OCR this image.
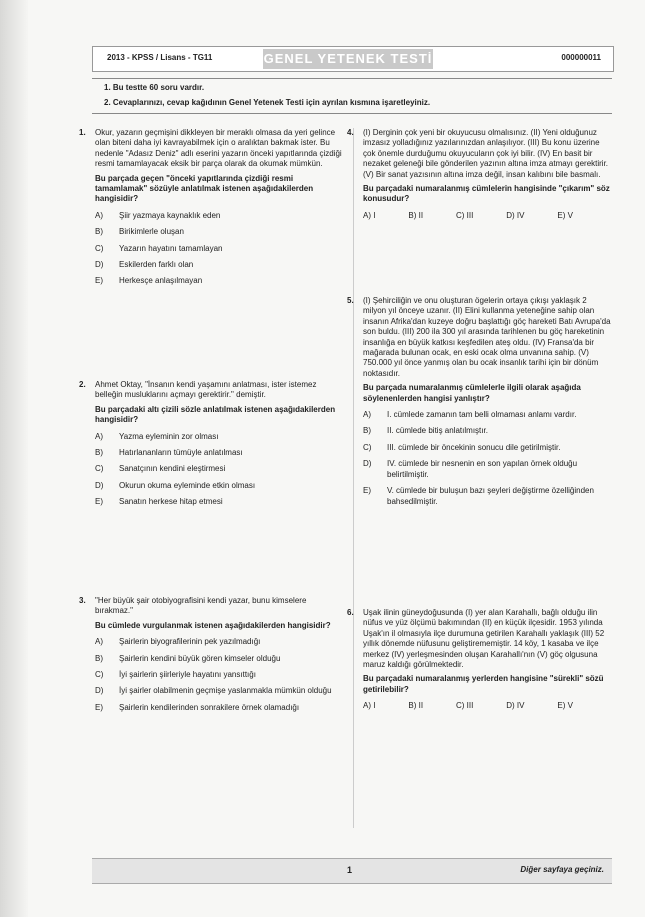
2013 - KPSS / Lisans - TG11	GENEL YETENEK TESTİ	000000011
1. Bu testte 60 soru vardır.
2. Cevaplarınızı, cevap kağıdının Genel Yetenek Testi için ayrılan kısmına işaretleyiniz.
1. Okur, yazarın geçmişini dikkleyen bir meraklı olmasa da yeri gelince olan biteni daha iyi kavrayabilmek için o aralıktan bakmak ister. Bu nedenle "Adasız Deniz" adlı eserini yazarın önceki yapıtlarında çizdiği resmi tamamlayacak eksik bir parça olarak da okumak mümkün.
Bu parçada geçen "önceki yapıtlarında çizdiği resmi tamamlamak" sözüyle anlatılmak istenen aşağıdakilerden hangisidir?
A) Şiir yazmaya kaynaklık eden
B) Birikimlerle oluşan
C) Yazarın hayatını tamamlayan
D) Eskilerden farklı olan
E) Herkesçe anlaşılmayan
2. Ahmet Oktay, "İnsanın kendi yaşamını anlatması, ister istemez belleğin musluklarını açmayı gerektirir." demiştir.
Bu parçadaki altı çizili sözle anlatılmak istenen aşağıdakilerden hangisidir?
A) Yazma eyleminin zor olması
B) Hatırlananların tümüyle anlatılması
C) Sanatçının kendini eleştirmesi
D) Okurun okuma eyleminde etkin olması
E) Sanatın herkese hitap etmesi
3. "Her büyük şair otobiyografisini kendi yazar, bunu kimselere bırakmaz."
Bu cümlede vurgulanmak istenen aşağıdakilerden hangisidir?
A) Şairlerin biyografilerinin pek yazılmadığı
B) Şairlerin kendini büyük gören kimseler olduğu
C) İyi şairlerin şiirleriyle hayatını yansıttığı
D) İyi şairler olabilmenin geçmişe yaslanmakla mümkün olduğu
E) Şairlerin kendilerinden sonrakilere örnek olamadığı
4. (I) Derginin çok yeni bir okuyucusu olmalısınız. (II) Yeni olduğunuz imzasız yolladığınız yazılarınızdan anlaşılıyor. (III) Bu konu üzerine çok önemle durduğumu okuyucuların çok iyi bilir. (IV) En basit bir nezaket geleneği bile gönderilen yazının altına imza atmayı gerektirir. (V) Bir sanat yazısının altına imza değil, insan kalıbını bile basmalı.
Bu parçadaki numaralanmış cümlelerin hangisinde "çıkarım" söz konusudur?
A) I	B) II	C) III	D) IV	E) V
5. (I) Şehirciliğin ve onu oluşturan ögelerin ortaya çıkışı yaklaşık 2 milyon yıl önceye uzanır. (II) Elini kullanma yeteneğine sahip olan insanın Afrika'dan kuzeye doğru başlattığı göç hareketi Batı Avrupa'da son buldu. (III) 200 ila 300 yıl arasında tarihlenen bu göç hareketinin insanlığa en büyük katkısı keşfedilen ateş oldu. (IV) Fransa'da bir mağarada bulunan ocak, en eski ocak olma unvanına sahip. (V) 750.000 yıl önce yanmış olan bu ocak insanlık tarihi için bir dönüm noktasıdır.
Bu parçada numaralanmış cümlelerle ilgili olarak aşağıda söylenenlerden hangisi yanlıştır?
A) I. cümlede zamanın tam belli olmaması anlamı vardır.
B) II. cümlede bitiş anlatılmıştır.
C) III. cümlede bir öncekinin sonucu dile getirilmiştir.
D) IV. cümlede bir nesnenin en son yapılan örnek olduğu belirtilmiştir.
E) V. cümlede bir buluşun bazı şeyleri değiştirme özelliğinden bahsedilmiştir.
6. Uşak ilinin güneydoğusunda (I) yer alan Karahallı, bağlı olduğu ilin nüfus ve yüz ölçümü bakımından (II) en küçük ilçesidir. 1953 yılında Uşak'ın il olmasıyla ilçe durumuna getirilen Karahallı yaklaşık (III) 52 yıllık dönemde nüfusunu geliştirememiştir. 14 köy, 1 kasaba ve ilçe merkez (IV) yerleşmesinden oluşan Karahallı'nın (V) göç olgusuna maruz kaldığı görülmektedir.
Bu parçadaki numaralanmış yerlerden hangisine "sürekli" sözü getirilebilir?
A) I	B) II	C) III	D) IV	E) V
1	Diğer sayfaya geçiniz.
